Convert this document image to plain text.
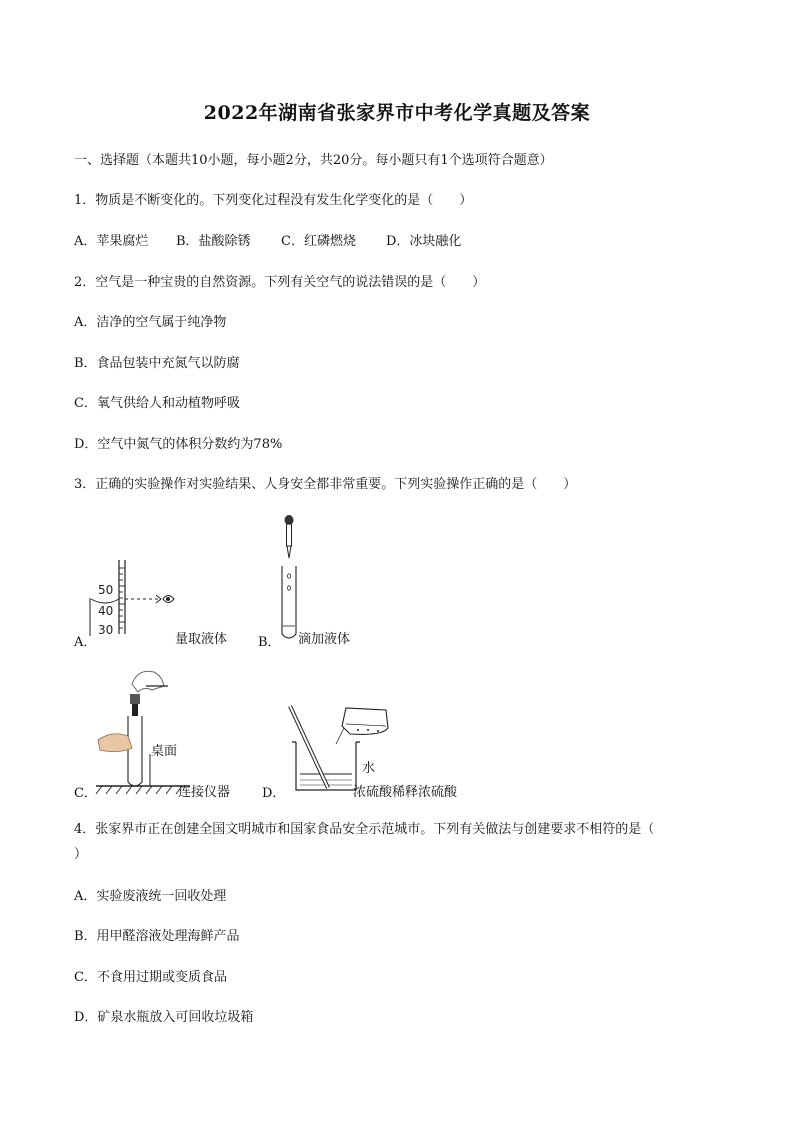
2022年湖南省张家界市中考化学真题及答案
一、选择题（本题共10小题，每小题2分，共20分。每小题只有1个选项符合题意）
1．物质是不断变化的。下列变化过程没有发生化学变化的是（　　）
A．苹果腐烂 B．盐酸除锈 C．红磷燃烧 D．冰块融化
2．空气是一种宝贵的自然资源。下列有关空气的说法错误的是（　　）
A．洁净的空气属于纯净物
B．食品包装中充氮气以防腐
C．氧气供给人和动植物呼吸
D．空气中氮气的体积分数约为78%
3．正确的实验操作对实验结果、人身安全都非常重要。下列实验操作正确的是（　　）
A．
50
40
30
量取液体 B． 滴加液体
C．
桌面
连接仪器 D．
水
浓硫酸稀释浓硫酸
4．张家界市正在创建全国文明城市和国家食品安全示范城市。下列有关做法与创建要求不相符的是（
）
A．实验废液统一回收处理
B．用甲醛溶液处理海鲜产品
C．不食用过期或变质食品
D．矿泉水瓶放入可回收垃圾箱
